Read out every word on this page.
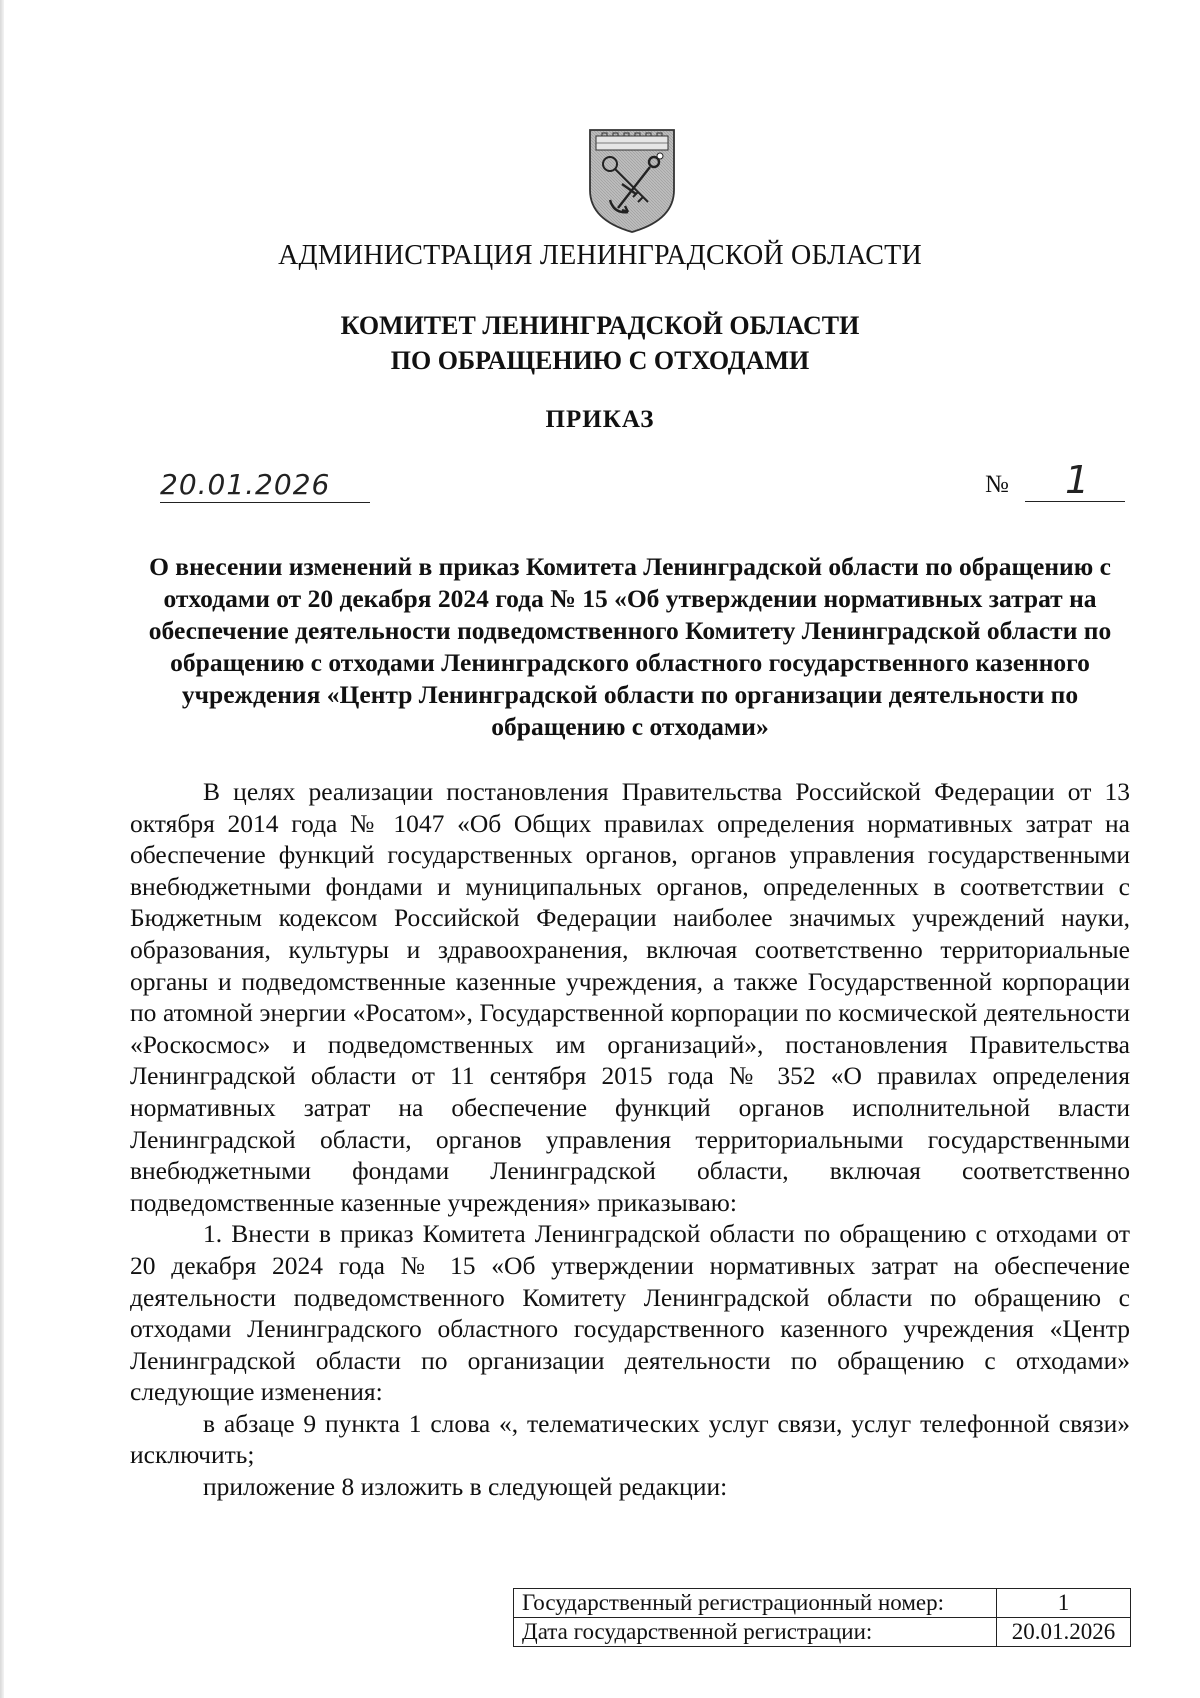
АДМИНИСТРАЦИЯ ЛЕНИНГРАДСКОЙ ОБЛАСТИ
КОМИТЕТ ЛЕНИНГРАДСКОЙ ОБЛАСТИ
ПО ОБРАЩЕНИЮ С ОТХОДАМИ
ПРИКАЗ
20.01.2026	№	1
О внесении изменений в приказ Комитета Ленинградской области по обращению с отходами от 20 декабря 2024 года № 15 «Об утверждении нормативных затрат на обеспечение деятельности подведомственного Комитету Ленинградской области по обращению с отходами Ленинградского областного государственного казенного учреждения «Центр Ленинградской области по организации деятельности по обращению с отходами»

В целях реализации постановления Правительства Российской Федерации от 13 октября 2014 года № 1047 «Об Общих правилах определения нормативных затрат на обеспечение функций государственных органов, органов управления государственными внебюджетными фондами и муниципальных органов, определенных в соответствии с Бюджетным кодексом Российской Федерации наиболее значимых учреждений науки, образования, культуры и здравоохранения, включая соответственно территориальные органы и подведомственные казенные учреждения, а также Государственной корпорации по атомной энергии «Росатом», Государственной корпорации по космической деятельности «Роскосмос» и подведомственных им организаций», постановления Правительства Ленинградской области от 11 сентября 2015 года № 352 «О правилах определения нормативных затрат на обеспечение функций органов исполнительной власти Ленинградской области, органов управления территориальными государственными внебюджетными фондами Ленинградской области, включая соответственно подведомственные казенные учреждения» приказываю:

1. Внести в приказ Комитета Ленинградской области по обращению с отходами от 20 декабря 2024 года № 15 «Об утверждении нормативных затрат на обеспечение деятельности подведомственного Комитету Ленинградской области по обращению с отходами Ленинградского областного государственного казенного учреждения «Центр Ленинградской области по организации деятельности по обращению с отходами» следующие изменения:

в абзаце 9 пункта 1 слова «, телематических услуг связи, услуг телефонной связи» исключить;

приложение 8 изложить в следующей редакции:

Государственный регистрационный номер:	1
Дата государственной регистрации:	20.01.2026
